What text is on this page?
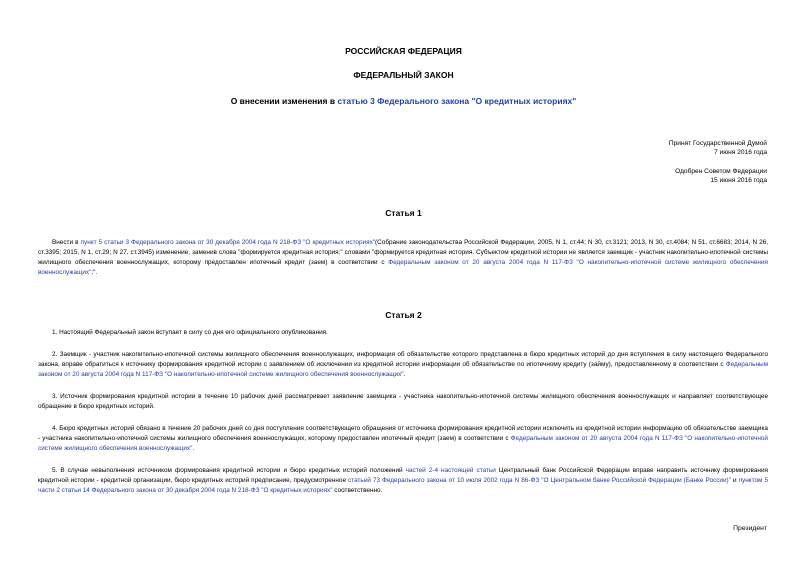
РОССИЙСКАЯ ФЕДЕРАЦИЯ
ФЕДЕРАЛЬНЫЙ ЗАКОН
О внесении изменения в статью 3 Федерального закона "О кредитных историях"
Принят Государственной Думой
7 июня 2016 года
Одобрен Советом Федерации
15 июня 2016 года
Статья 1
Внести в пункт 5 статьи 3 Федерального закона от 30 декабря 2004 года N 218-ФЗ "О кредитных историях"(Собрание законодательства Российской Федерации, 2005, N 1, ст.44; N 30, ст.3121; 2013, N 30, ст.4084; N 51, ст.6683; 2014, N 26, ст.3395; 2015, N 1, ст.29; N 27, ст.3945) изменение, заменив слова "формируется кредитная история;" словами "формируется кредитная история. Субъектом кредитной истории не является заемщик - участник накопительно-ипотечной системы жилищного обеспечения военнослужащих, которому предоставлен ипотечный кредит (заем) в соответствии с Федеральным законом от 20 августа 2004 года N 117-ФЗ "О накопительно-ипотечной системе жилищного обеспечения военнослужащих";".
Статья 2
1. Настоящий Федеральный закон вступает в силу со дня его официального опубликования.
2. Заемщик - участник накопительно-ипотечной системы жилищного обеспечения военнослужащих, информация об обязательстве которого представлена в бюро кредитных историй до дня вступления в силу настоящего Федерального закона, вправе обратиться к источнику формирования кредитной истории с заявлением об исключении из кредитной истории информации об обязательстве по ипотечному кредиту (займу), предоставленному в соответствии с Федеральным законом от 20 августа 2004 года N 117-ФЗ "О накопительно-ипотечной системе жилищного обеспечения военнослужащих".
3. Источник формирования кредитной истории в течение 10 рабочих дней рассматривает заявление заемщика - участника накопительно-ипотечной системы жилищного обеспечения военнослужащих и направляет соответствующее обращение в бюро кредитных историй.
4. Бюро кредитных историй обязано в течение 20 рабочих дней со дня поступления соответствующего обращения от источника формирования кредитной истории исключить из кредитной истории информацию об обязательстве заемщика - участника накопительно-ипотечной системы жилищного обеспечения военнослужащих, которому предоставлен ипотечный кредит (заем) в соответствии с Федеральным законом от 20 августа 2004 года N 117-ФЗ "О накопительно-ипотечной системе жилищного обеспечения военнослужащих".
5. В случае невыполнения источником формирования кредитной истории и бюро кредитных историй положений частей 2-4 настоящей статьи Центральный банк Российской Федерации вправе направить источнику формирования кредитной истории - кредитной организации, бюро кредитных историй предписание, предусмотренное статьей 73 Федерального закона от 10 июля 2002 года N 86-ФЗ "О Центральном банке Российской Федерации (Банке России)" и пунктом 5 части 2 статьи 14 Федерального закона от 30 декабря 2004 года N 218-ФЗ "О кредитных историях" соответственно.
Президент
